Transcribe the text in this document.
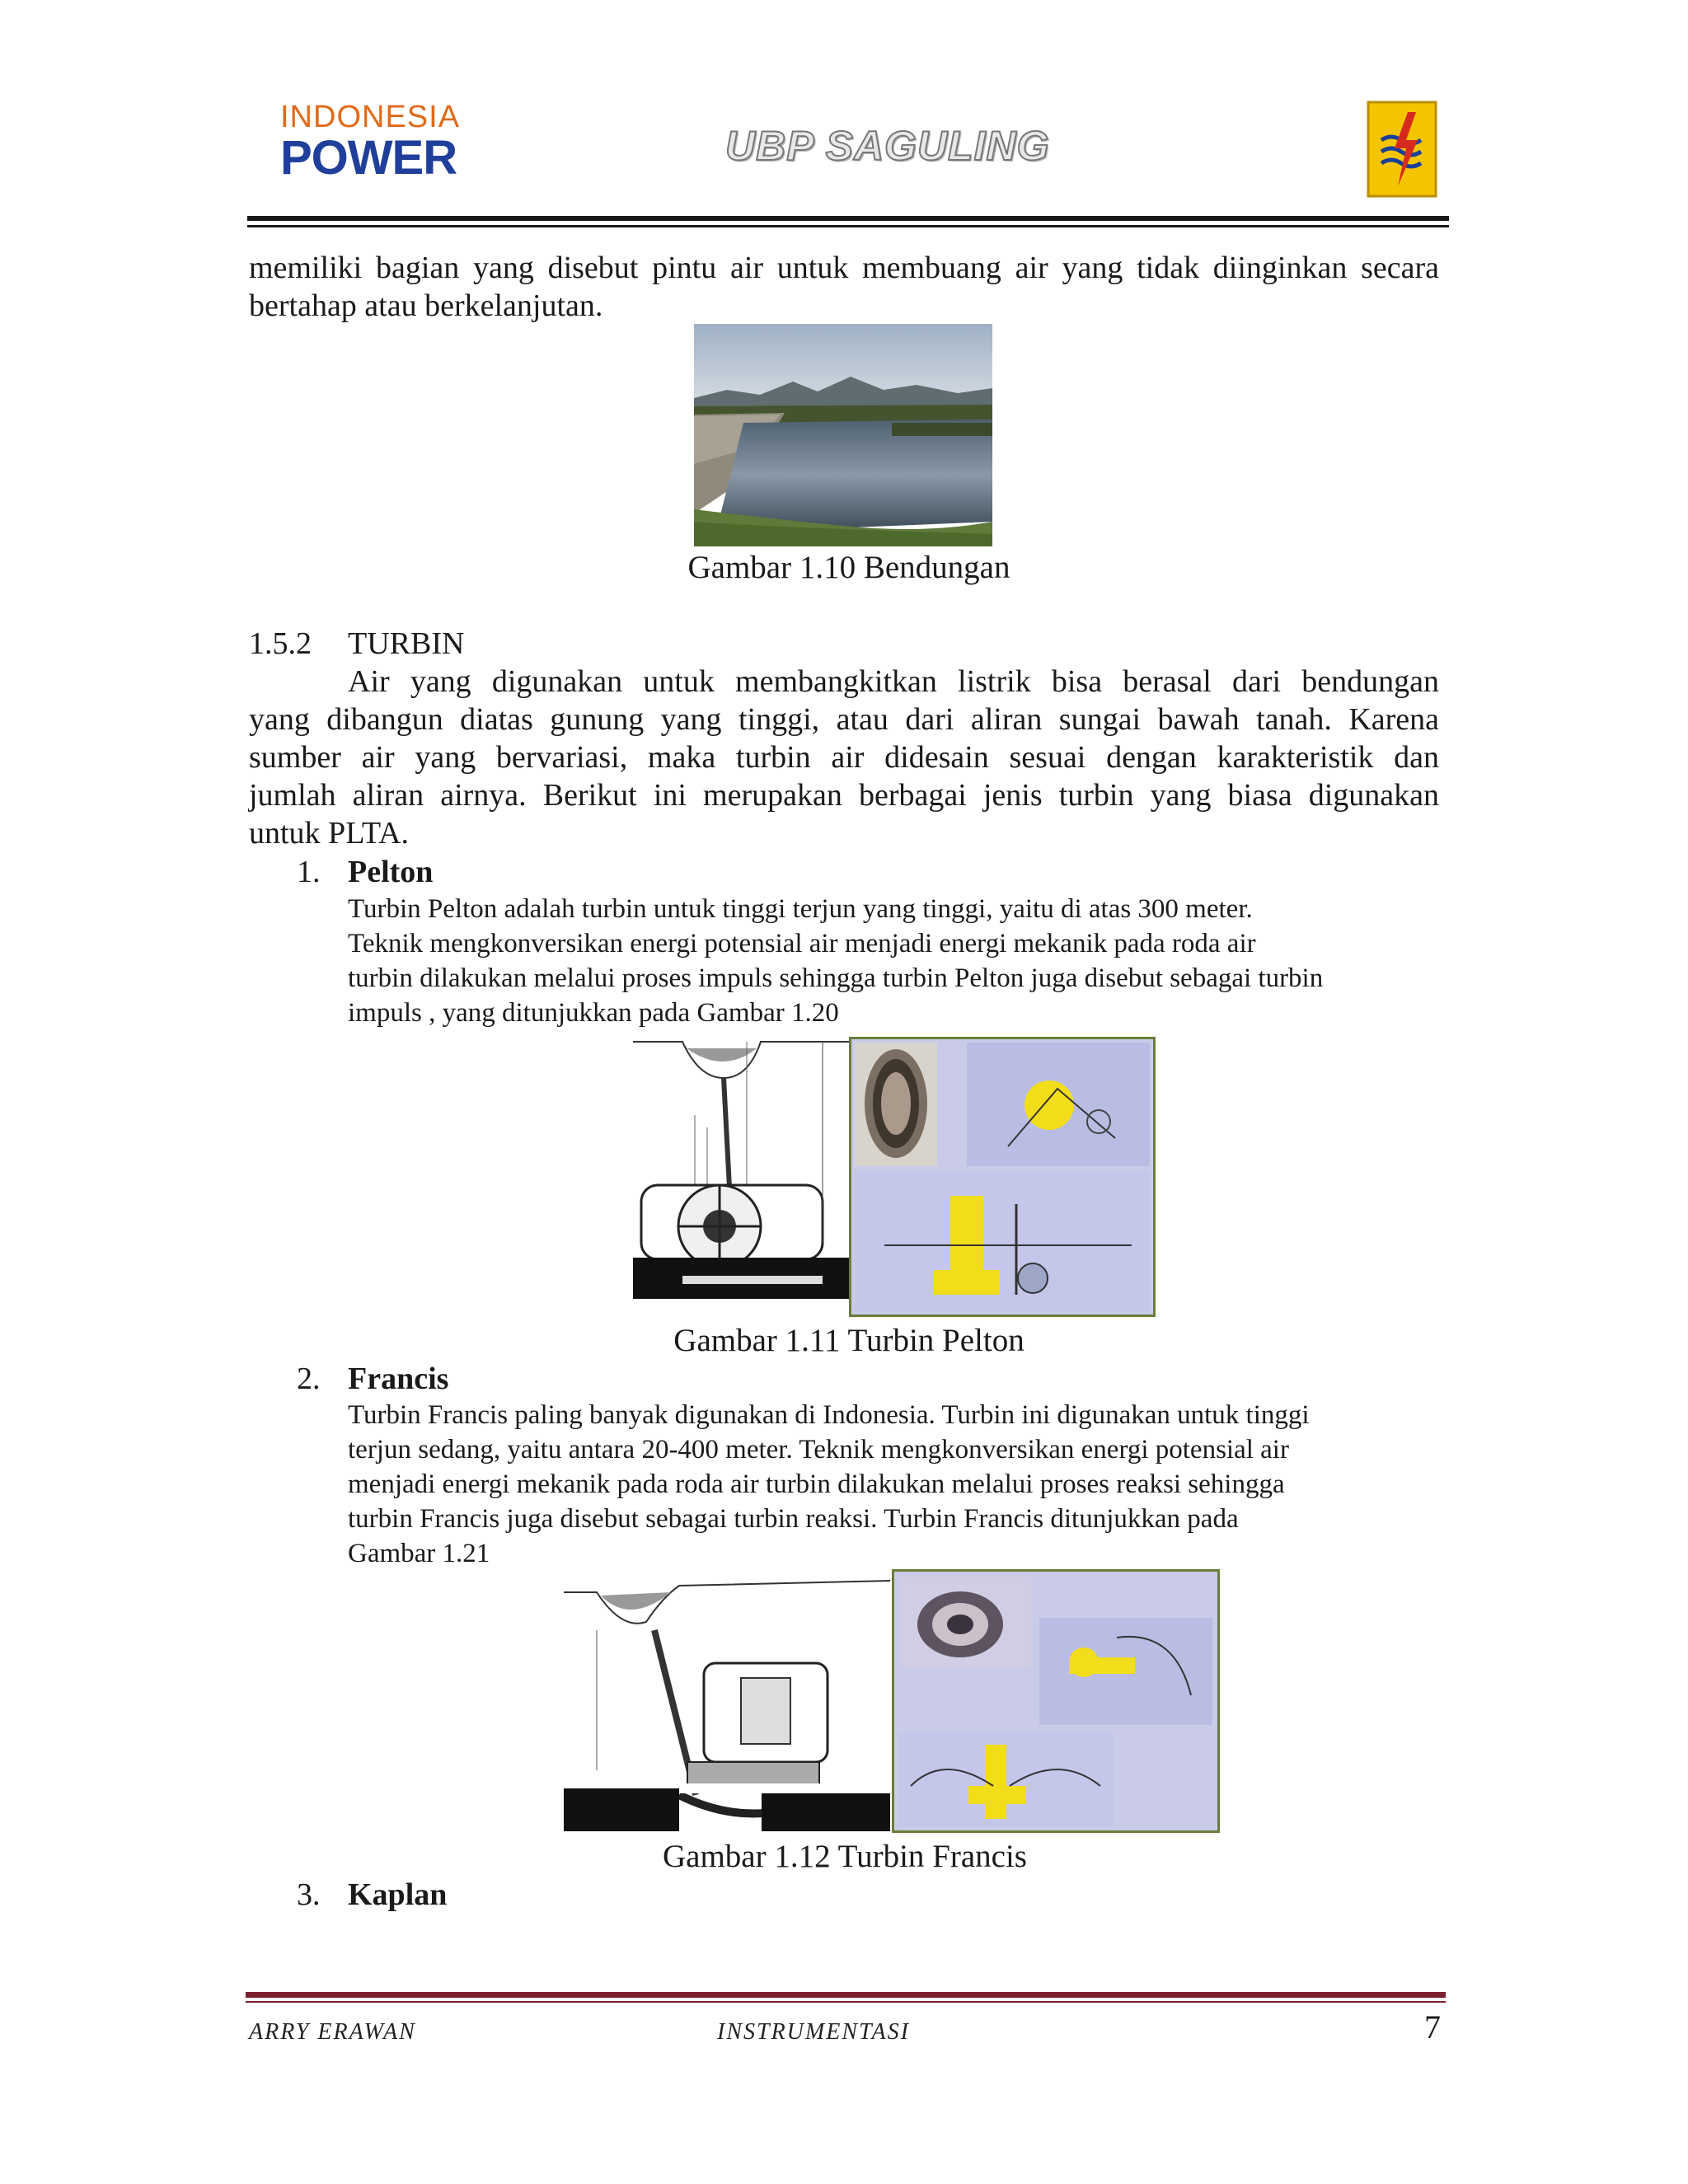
INDONESIA
POWER	UBP SAGULING
memiliki bagian yang disebut pintu air untuk membuang air yang tidak diinginkan secara
bertahap atau berkelanjutan.
Gambar 1.10 Bendungan
1.5.2	TURBIN
Air yang digunakan untuk membangkitkan listrik bisa berasal dari bendungan
yang dibangun diatas gunung yang tinggi, atau dari aliran sungai bawah tanah. Karena
sumber air yang bervariasi, maka turbin air didesain sesuai dengan karakteristik dan
jumlah aliran airnya. Berikut ini merupakan berbagai jenis turbin yang biasa digunakan
untuk PLTA.
1. Pelton
Turbin Pelton adalah turbin untuk tinggi terjun yang tinggi, yaitu di atas 300 meter.
Teknik mengkonversikan energi potensial air menjadi energi mekanik pada roda air
turbin dilakukan melalui proses impuls sehingga turbin Pelton juga disebut sebagai turbin
impuls , yang ditunjukkan pada Gambar 1.20
Gambar 1.11 Turbin Pelton
2. Francis
Turbin Francis paling banyak digunakan di Indonesia. Turbin ini digunakan untuk tinggi
terjun sedang, yaitu antara 20-400 meter. Teknik mengkonversikan energi potensial air
menjadi energi mekanik pada roda air turbin dilakukan melalui proses reaksi sehingga
turbin Francis juga disebut sebagai turbin reaksi. Turbin Francis ditunjukkan pada
Gambar 1.21
Gambar 1.12 Turbin Francis
3. Kaplan
ARRY ERAWAN	INSTRUMENTASI	7
